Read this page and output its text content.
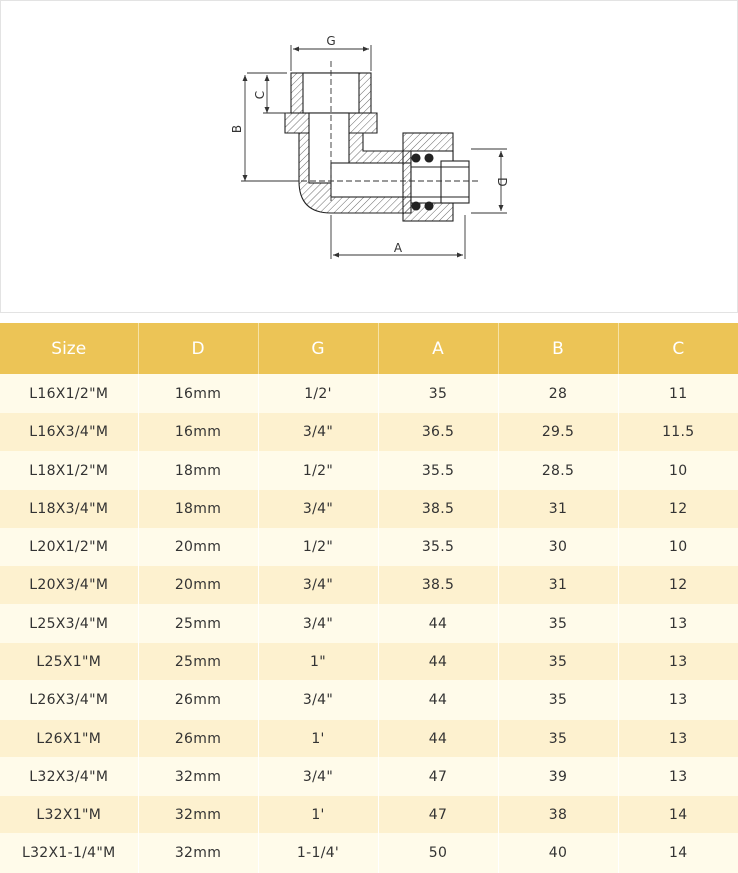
G
C
B
D
A
Size	D	G	A	B	C
L16X1/2"M	16mm	1/2'	35	28	11
L16X3/4"M	16mm	3/4"	36.5	29.5	11.5
L18X1/2"M	18mm	1/2"	35.5	28.5	10
L18X3/4"M	18mm	3/4"	38.5	31	12
L20X1/2"M	20mm	1/2"	35.5	30	10
L20X3/4"M	20mm	3/4"	38.5	31	12
L25X3/4"M	25mm	3/4"	44	35	13
L25X1"M	25mm	1"	44	35	13
L26X3/4"M	26mm	3/4"	44	35	13
L26X1"M	26mm	1'	44	35	13
L32X3/4"M	32mm	3/4"	47	39	13
L32X1"M	32mm	1'	47	38	14
L32X1-1/4"M	32mm	1-1/4'	50	40	14
